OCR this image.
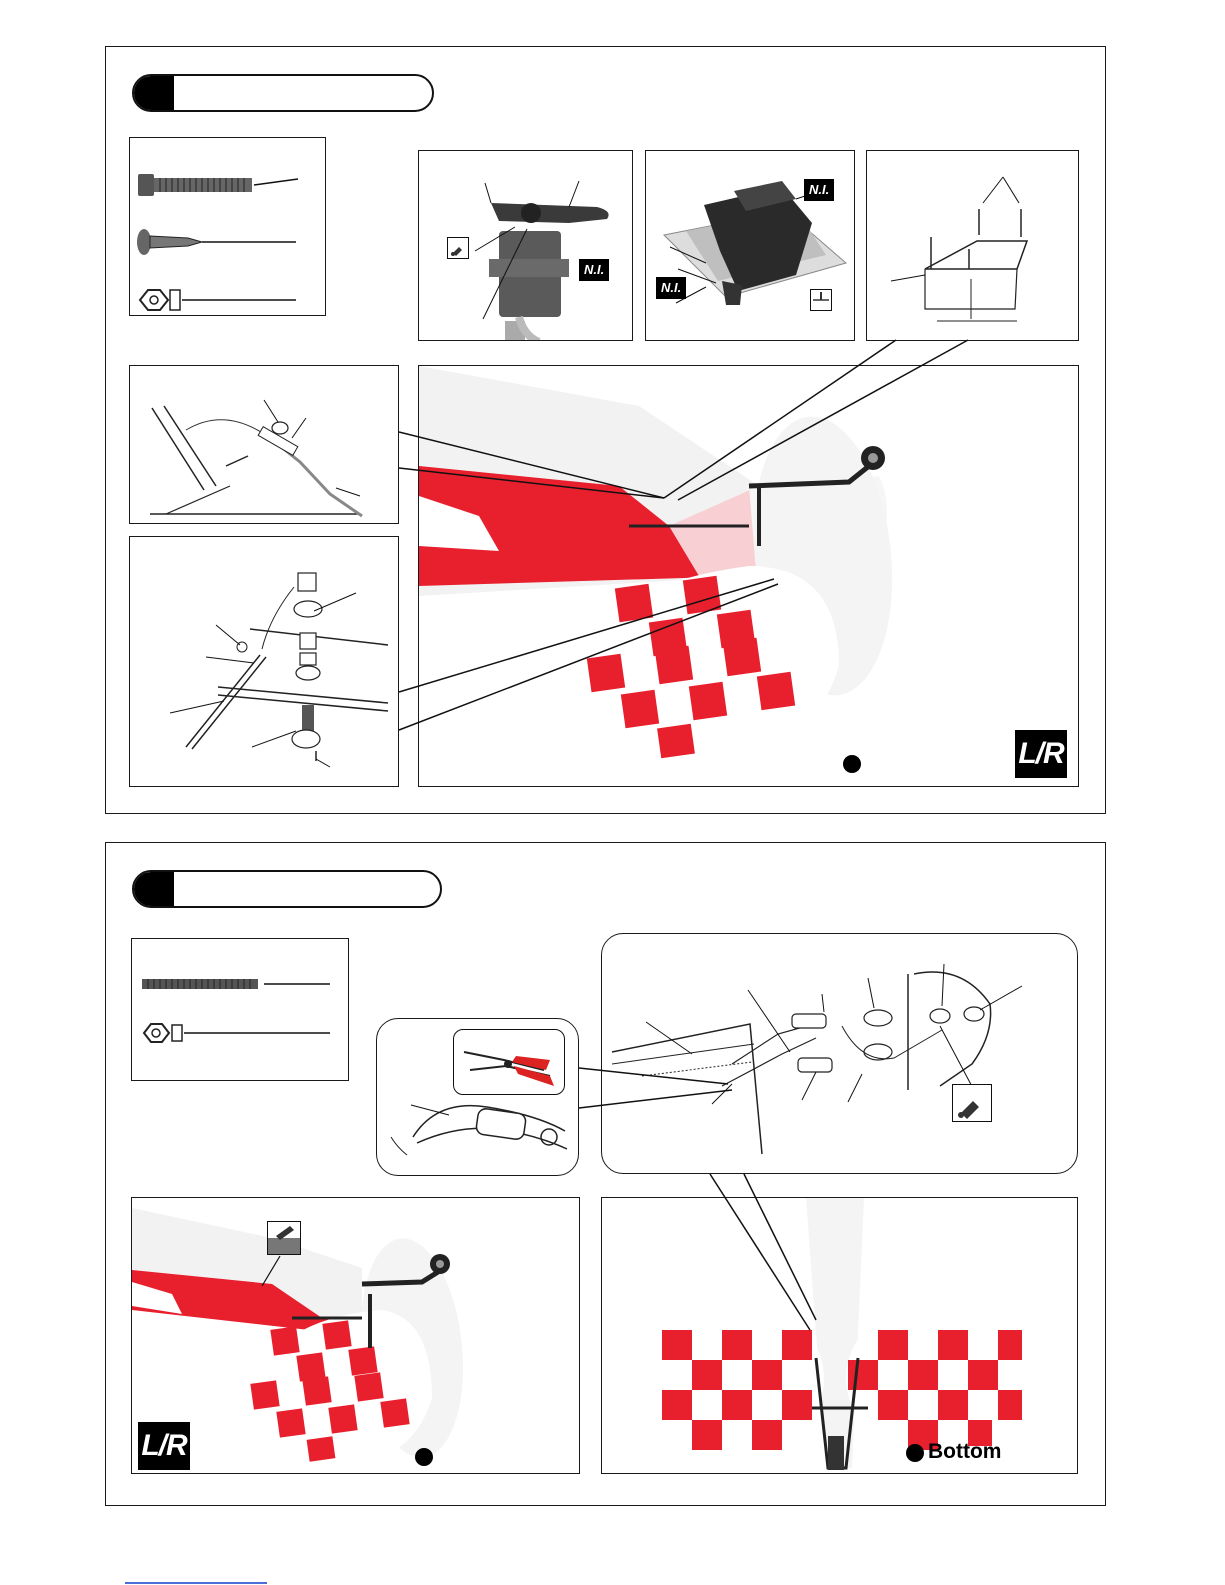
N.I.
N.I.
N.I.
L/R
L/R	Bottom
